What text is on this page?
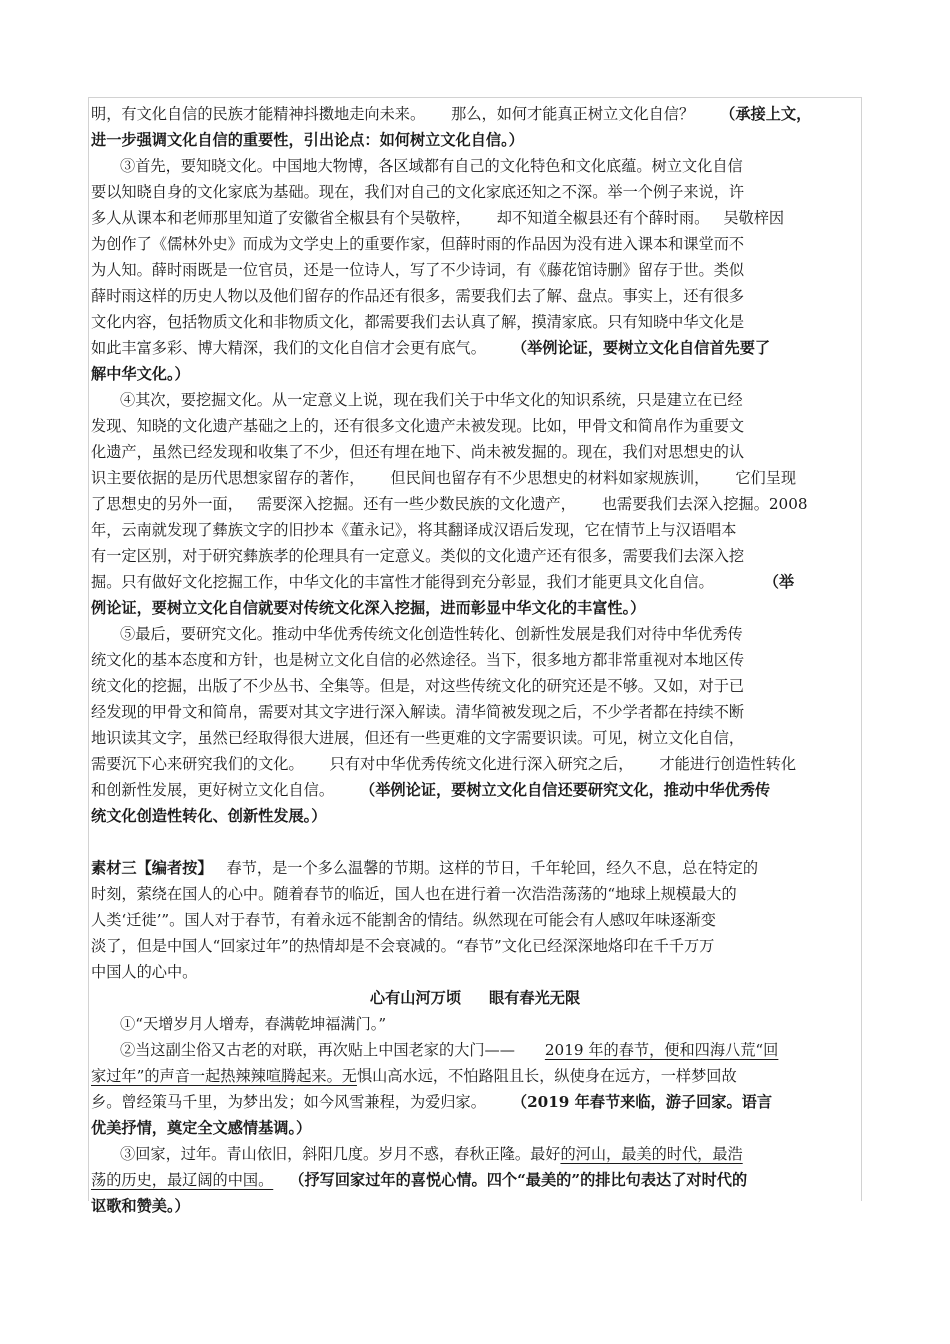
明，有文化自信的民族才能精神抖擞地走向未来。 那么，如何才能真正树立文化自信？ （承接上文，
进一步强调文化自信的重要性，引出论点：如何树立文化自信。）
③首先，要知晓文化。中国地大物博，各区域都有自己的文化特色和文化底蕴。树立文化自信
要以知晓自身的文化家底为基础。现在，我们对自己的文化家底还知之不深。举一个例子来说，许
多人从课本和老师那里知道了安徽省全椒县有个吴敬梓， 却不知道全椒县还有个薛时雨。 吴敬梓因
为创作了《儒林外史》而成为文学史上的重要作家，但薛时雨的作品因为没有进入课本和课堂而不
为人知。薛时雨既是一位官员，还是一位诗人，写了不少诗词，有《藤花馆诗删》留存于世。类似
薛时雨这样的历史人物以及他们留存的作品还有很多，需要我们去了解、盘点。事实上，还有很多
文化内容，包括物质文化和非物质文化，都需要我们去认真了解，摸清家底。只有知晓中华文化是
如此丰富多彩、博大精深，我们的文化自信才会更有底气。 （举例论证，要树立文化自信首先要了
解中华文化。）
④其次，要挖掘文化。从一定意义上说，现在我们关于中华文化的知识系统，只是建立在已经
发现、知晓的文化遗产基础之上的，还有很多文化遗产未被发现。比如，甲骨文和简帛作为重要文
化遗产，虽然已经发现和收集了不少，但还有埋在地下、尚未被发掘的。现在，我们对思想史的认
识主要依据的是历代思想家留存的著作， 但民间也留存有不少思想史的材料如家规族训， 它们呈现
了思想史的另外一面， 需要深入挖掘。还有一些少数民族的文化遗产， 也需要我们去深入挖掘。2008
年，云南就发现了彝族文字的旧抄本《董永记》，将其翻译成汉语后发现，它在情节上与汉语唱本
有一定区别，对于研究彝族孝的伦理具有一定意义。类似的文化遗产还有很多，需要我们去深入挖
掘。只有做好文化挖掘工作，中华文化的丰富性才能得到充分彰显，我们才能更具文化自信。	（举
例论证，要树立文化自信就要对传统文化深入挖掘，进而彰显中华文化的丰富性。）
⑤最后，要研究文化。推动中华优秀传统文化创造性转化、创新性发展是我们对待中华优秀传
统文化的基本态度和方针，也是树立文化自信的必然途径。当下，很多地方都非常重视对本地区传
统文化的挖掘，出版了不少丛书、全集等。但是，对这些传统文化的研究还是不够。又如，对于已
经发现的甲骨文和简帛，需要对其文字进行深入解读。清华简被发现之后，不少学者都在持续不断
地识读其文字，虽然已经取得很大进展，但还有一些更难的文字需要识读。可见，树立文化自信，
需要沉下心来研究我们的文化。 只有对中华优秀传统文化进行深入研究之后， 才能进行创造性转化
和创新性发展，更好树立文化自信。 （举例论证，要树立文化自信还要研究文化，推动中华优秀传
统文化创造性转化、创新性发展。）
素材三【编者按】 春节，是一个多么温馨的节期。这样的节日，千年轮回，经久不息，总在特定的
时刻，萦绕在国人的心中。随着春节的临近，国人也在进行着一次浩浩荡荡的“地球上规模最大的
人类‘迁徙’”。国人对于春节，有着永远不能割舍的情结。纵然现在可能会有人感叹年味逐渐变
淡了，但是中国人“回家过年”的热情却是不会衰减的。“春节”文化已经深深地烙印在千千万万
中国人的心中。
心有山河万顷 眼有春光无限
①“天增岁月人增寿，春满乾坤福满门。”
②当这副尘俗又古老的对联，再次贴上中国老家的大门—— 2019 年的春节，便和四海八荒“回
家过年”的声音一起热辣辣喧腾起来。无惧山高水远，不怕路阻且长，纵使身在远方，一样梦回故
乡。曾经策马千里，为梦出发；如今风雪兼程，为爱归家。 （2019 年春节来临，游子回家。语言
优美抒情，奠定全文感情基调。）
③回家，过年。青山依旧，斜阳几度。岁月不惑，春秋正隆。最好的河山，最美的时代，最浩
荡的历史，最辽阔的中国。 （抒写回家过年的喜悦心情。四个“最美的”的排比句表达了对时代的
讴歌和赞美。）
